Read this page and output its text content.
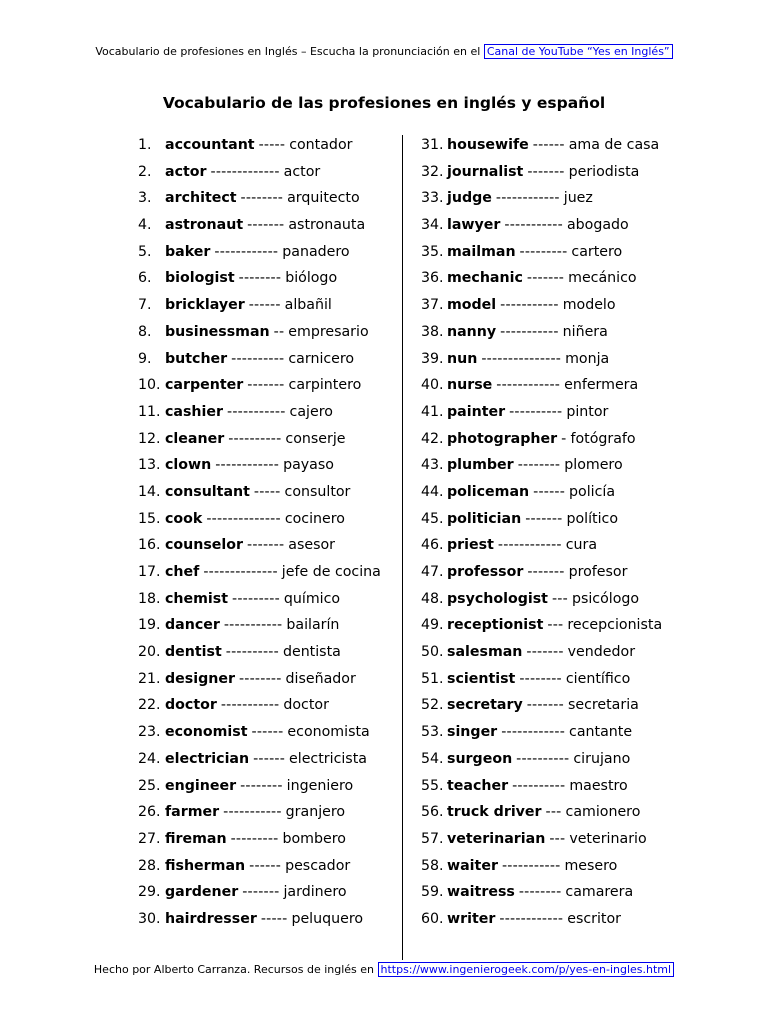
Vocabulario de profesiones en Inglés – Escucha la pronunciación en el Canal de YouTube “Yes en Inglés”
Vocabulario de las profesiones en inglés y español
1. accountant ----- contador
2. actor ------------- actor
3. architect -------- arquitecto
4. astronaut ------- astronauta
5. baker ------------ panadero
6. biologist -------- biólogo
7. bricklayer ------ albañil
8. businessman -- empresario
9. butcher ---------- carnicero
10. carpenter ------- carpintero
11. cashier ----------- cajero
12. cleaner ---------- conserje
13. clown ------------ payaso
14. consultant ----- consultor
15. cook -------------- cocinero
16. counselor ------- asesor
17. chef -------------- jefe de cocina
18. chemist --------- químico
19. dancer ----------- bailarín
20. dentist ---------- dentista
21. designer -------- diseñador
22. doctor ----------- doctor
23. economist ------ economista
24. electrician ------ electricista
25. engineer -------- ingeniero
26. farmer ----------- granjero
27. fireman --------- bombero
28. fisherman ------ pescador
29. gardener ------- jardinero
30. hairdresser ----- peluquero
31. housewife ------ ama de casa
32. journalist ------- periodista
33. judge ------------ juez
34. lawyer ----------- abogado
35. mailman --------- cartero
36. mechanic ------- mecánico
37. model ----------- modelo
38. nanny ----------- niñera
39. nun --------------- monja
40. nurse ------------ enfermera
41. painter ---------- pintor
42. photographer - fotógrafo
43. plumber -------- plomero
44. policeman ------ policía
45. politician ------- político
46. priest ------------ cura
47. professor ------- profesor
48. psychologist --- psicólogo
49. receptionist --- recepcionista
50. salesman ------- vendedor
51. scientist -------- científico
52. secretary ------- secretaria
53. singer ------------ cantante
54. surgeon ---------- cirujano
55. teacher ---------- maestro
56. truck driver --- camionero
57. veterinarian --- veterinario
58. waiter ----------- mesero
59. waitress -------- camarera
60. writer ------------ escritor
Hecho por Alberto Carranza. Recursos de inglés en https://www.ingenierogeek.com/p/yes-en-ingles.html
